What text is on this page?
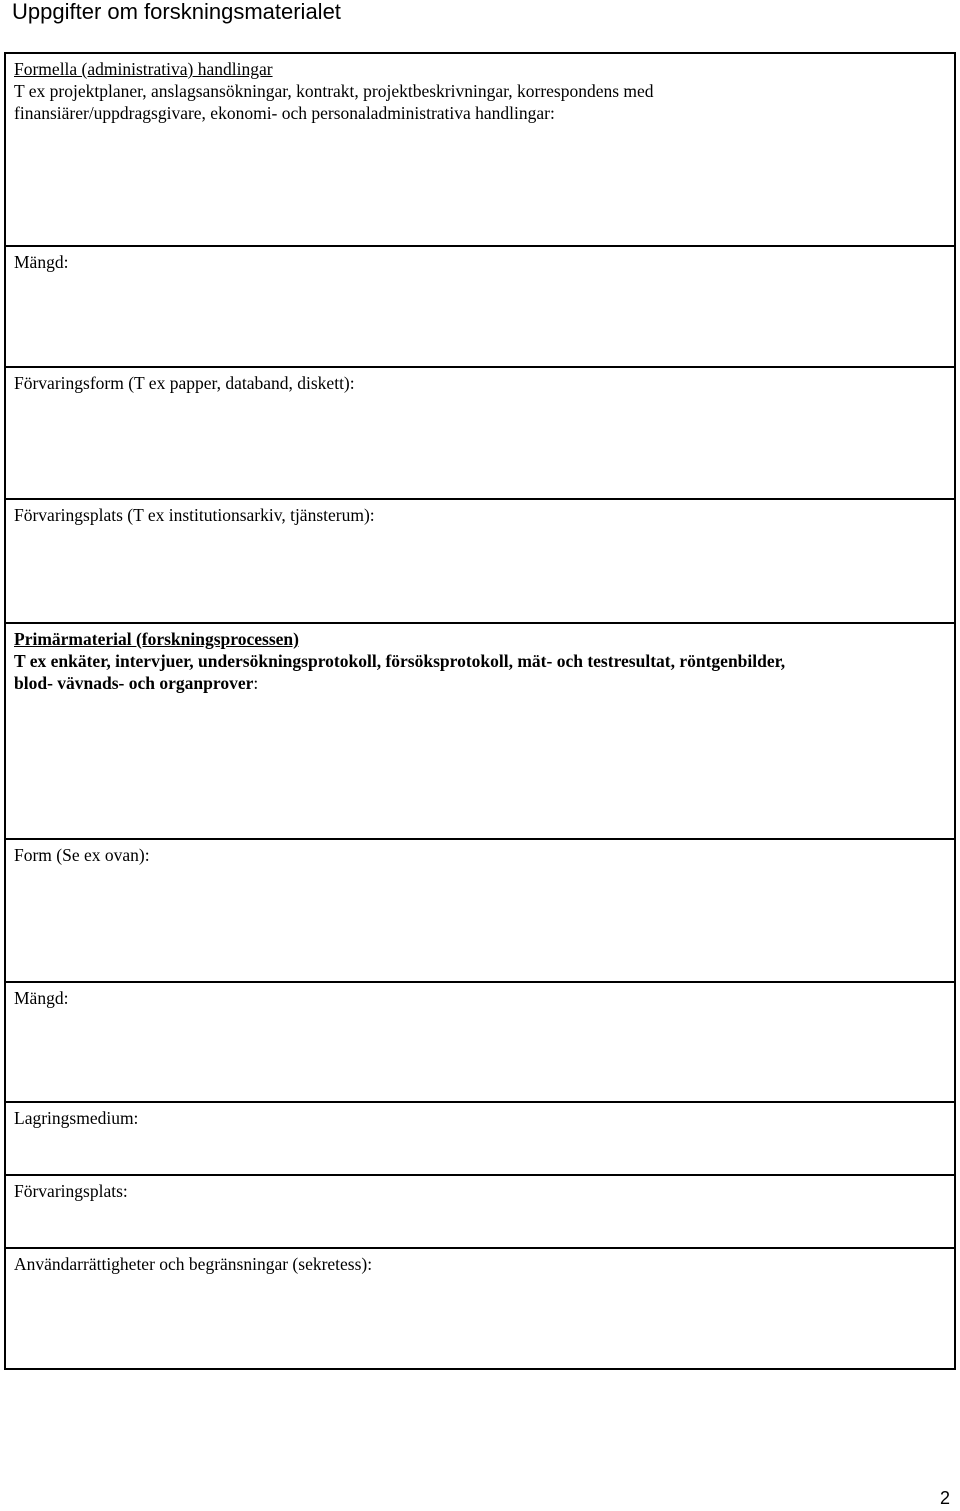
Uppgifter om forskningsmaterialet

Formella (administrativa) handlingar

T ex projektplaner, anslagsansökningar, kontrakt, projektbeskrivningar, korrespondens med

finansiärer/uppdragsgivare, ekonomi- och personaladministrativa handlingar:

Mängd:

Förvaringsform (T ex papper, databand, diskett):

Förvaringsplats (T ex institutionsarkiv, tjänsterum):

Primärmaterial (forskningsprocessen)

T ex enkäter, intervjuer, undersökningsprotokoll, försöksprotokoll, mät- och testresultat, röntgenbilder,

blod- vävnads- och organprover:

Form (Se ex ovan):

Mängd:

Lagringsmedium:

Förvaringsplats:

Användarrättigheter och begränsningar (sekretess):

2
